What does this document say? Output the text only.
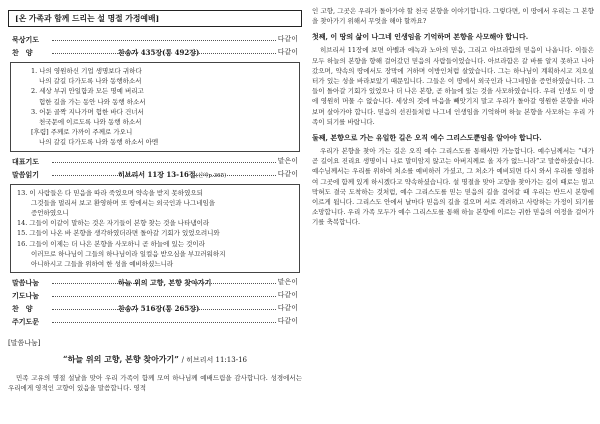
[온 가족과 함께 드리는 설 명절 가정예배]
묵상기도	다같이
찬　양	찬송가 435장(통 492장)	다같이
1. 나의 영원하신 기업 생명보다 귀하다
나의 갈길 다가도록 나와 동행하소서
2. 세상 부귀 안일함과 모든 명예 버리고
험한 길을 가는 동안 나와 동행 하소서
3. 어둔 골짝 지나가며 험한 바다 건너서
천국문에 이르도록 나와 동행 하소서
[후렴] 주께로 가까이 주께로 가오니
나의 갈길 다가도록 나와 동행 하소서 아멘
대표기도	맡은이
말씀읽기	히브리서 11장 13-16절(신약p.365)	다같이
13. 이 사람들은 다 믿음을 따라 죽었으며 약속을 받지 못하였으되
그것들을 멀리서 보고 환영하며 또 땅에서는 외국인과 나그네임을
증언하였으니
14. 그들이 이같이 말하는 것은 자기들이 본향 찾는 것을 나타냄이라
15. 그들이 나온 바 본향을 생각하였더라면 돌아갈 기회가 있었으려니와
16. 그들이 이제는 더 나은 본향을 사모하니 곧 하늘에 있는 것이라
이러므로 하나님이 그들의 하나님이라 일컬음 받으심을 부끄러워하지
아니하시고 그들을 위하여 한 성을 예비하셨느니라
말씀나눔	하늘 위의 고향, 본향 찾아가기	맡은이
기도나눔	다같이
찬　양	찬송가 516장(통 265장)	다같이
주기도문	다같이
[말씀나눔]
“하늘 위의 고향, 본향 찾아가기” / 히브리서 11:13-16

민족 고유의 명절 설날을 맞아 우리 가족이 함께 모여 하나님께 예배드림을 감사합니다. 성경에서는 우리에게 영적인 고향이 있음을 말씀합니다. 영적

인 고향, 그곳은 우리가 돌아가야 할 천국 본향을 이야기합니다. 그렇다면, 이 땅에서 우리는 그 본향을 찾아가기 위해서 무엇을 해야 할까요?

첫째, 이 땅의 삶이 나그네 인생임을 기억하며 본향을 사모해야 합니다.

히브리서 11장에 보면 아벨과 에녹과 노아의 믿음, 그리고 아브라함의 믿음이 나옵니다. 이들은 모두 하늘의 본향을 향해 걸어갔던 믿음의 사람들이었습니다. 아브라함은 갈 바를 알지 못하고 나아갔으며, 약속의 땅에서도 장막에 거하며 이방인처럼 살았습니다. 그는 하나님이 계획하시고 지으실 터가 있는 성을 바라보았기 때문입니다. 그들은 이 땅에서 외국인과 나그네임을 증언하였습니다. 그들이 돌아갈 기회가 있었으나 더 나은 본향, 곧 하늘에 있는 것을 사모하였습니다. 우리 인생도 이 땅에 영원히 머물 수 없습니다. 세상의 것에 마음을 빼앗기지 말고 우리가 돌아갈 영원한 본향을 바라보며 살아가야 합니다. 믿음의 선진들처럼 나그네 인생임을 기억하며 하늘 본향을 사모하는 우리 가족이 되기를 바랍니다.

둘째, 본향으로 가는 유일한 길은 오직 예수 그리스도뿐임을 알아야 합니다.

우리가 본향을 찾아 가는 길은 오직 예수 그리스도를 통해서만 가능합니다. 예수님께서는 “내가 곧 길이요 진리요 생명이니 나로 말미암지 않고는 아버지께로 올 자가 없느니라”고 말씀하셨습니다. 예수님께서는 우리를 위하여 처소를 예비하러 가셨고, 그 처소가 예비되면 다시 와서 우리를 영접하여 그곳에 함께 있게 하시겠다고 약속하셨습니다. 설 명절을 맞아 고향을 찾아가는 길이 때로는 멀고 막혀도 결국 도착하는 것처럼, 예수 그리스도를 믿는 믿음의 길을 걸어갈 때 우리는 반드시 본향에 이르게 됩니다. 그리스도 안에서 날마다 믿음의 길을 걸으며 서로 격려하고 사랑하는 가정이 되기를 소망합니다. 우리 가족 모두가 예수 그리스도를 통해 하늘 본향에 이르는 귀한 믿음의 여정을 걸어가기를 축복합니다.
